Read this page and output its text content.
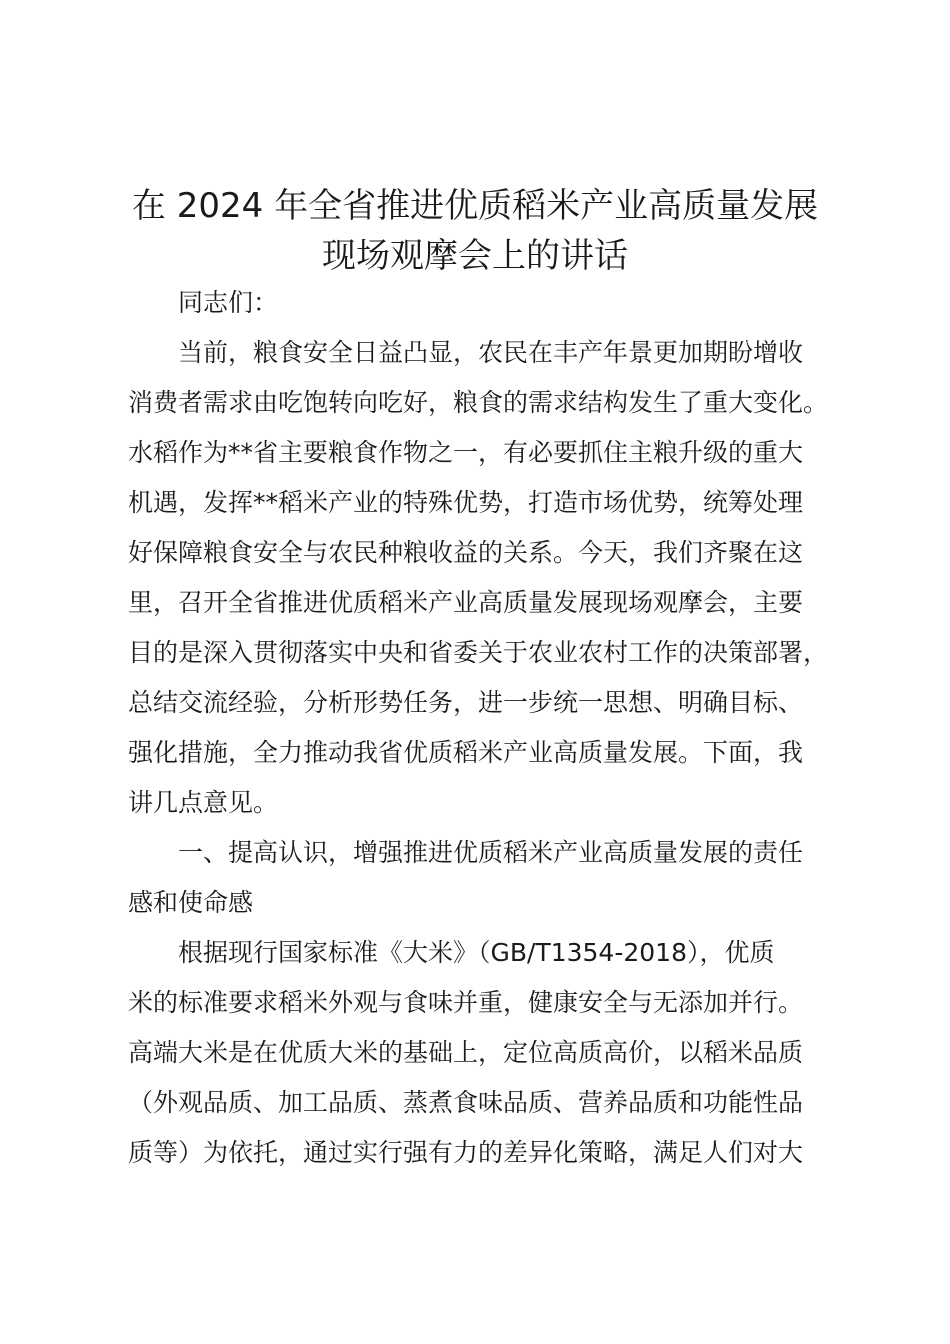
在 2024 年全省推进优质稻米产业高质量发展
现场观摩会上的讲话
同志们：
当前，粮食安全日益凸显，农民在丰产年景更加期盼增收
消费者需求由吃饱转向吃好，粮食的需求结构发生了重大变化。
水稻作为**省主要粮食作物之一，有必要抓住主粮升级的重大
机遇，发挥**稻米产业的特殊优势，打造市场优势，统筹处理
好保障粮食安全与农民种粮收益的关系。今天，我们齐聚在这
里，召开全省推进优质稻米产业高质量发展现场观摩会，主要
目的是深入贯彻落实中央和省委关于农业农村工作的决策部署，
总结交流经验，分析形势任务，进一步统一思想、明确目标、
强化措施，全力推动我省优质稻米产业高质量发展。下面，我
讲几点意见。
一、提高认识，增强推进优质稻米产业高质量发展的责任
感和使命感
根据现行国家标准《大米》（GB/T1354-2018），优质
米的标准要求稻米外观与食味并重，健康安全与无添加并行。
高端大米是在优质大米的基础上，定位高质高价，以稻米品质
（外观品质、加工品质、蒸煮食味品质、营养品质和功能性品
质等）为依托，通过实行强有力的差异化策略，满足人们对大
